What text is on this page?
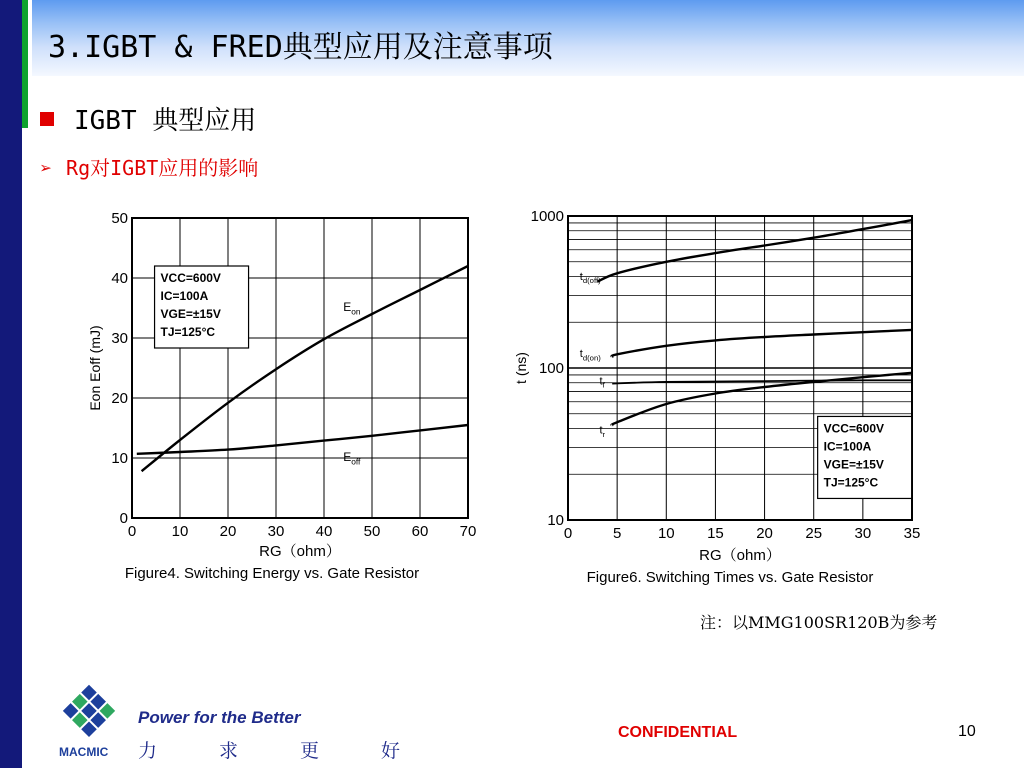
3.IGBT & FRED典型应用及注意事项
IGBT 典型应用
➢ Rg对IGBT应用的影响
0 10 20 30 40 50 60 70
0
10
20
30
40
50
$E_{on}$
$E_{off}$
VCC=600V
IC=100A
VGE=±15V
TJ=125°C
Eon Eoff (mJ)
RG（ohm）
Figure4. Switching Energy vs. Gate Resistor
0	5 10 15 20 25 30 35
10
100
1000
$t_{d(off)}$
$t_{d(on)}$
$t_f$
$t_r$	VCC=600V
IC=100A
VGE=±15V
TJ=125°C
t (ns)
RG（ohm）
Figure6. Switching Times vs. Gate Resistor
注：以MMG100SR120B为参考
MACMIC
Power for the Better
力求更好
CONFIDENTIAL	10
